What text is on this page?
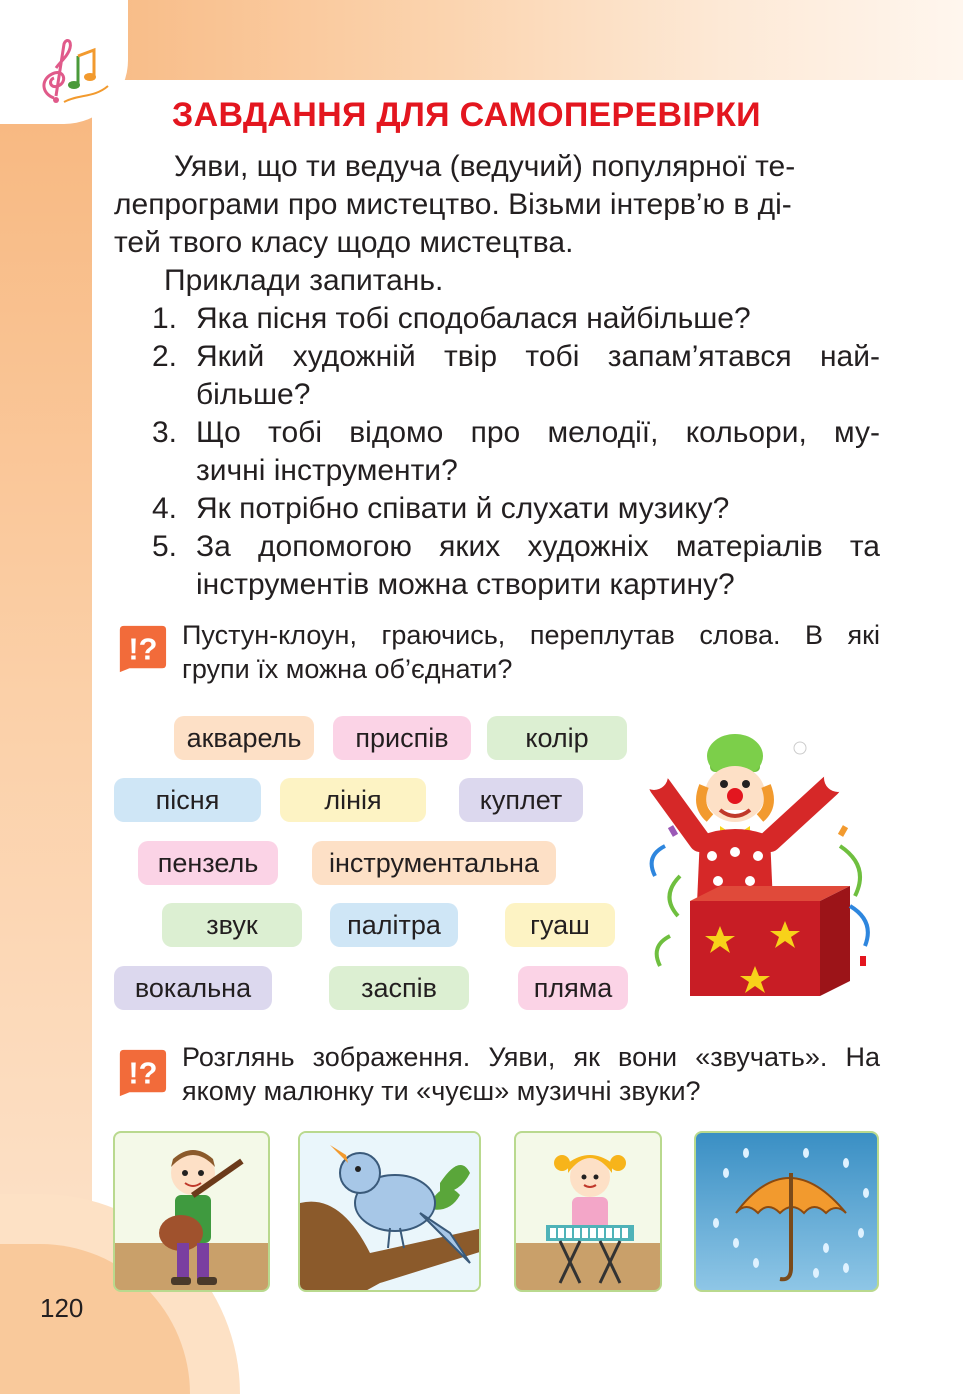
120
ЗАВДАННЯ ДЛЯ САМОПЕРЕВІРКИ
Уяви, що ти ведуча (ведучий) популярної те-
лепрограми про мистецтво. Візьми інтерв’ю в ді-
тей твого класу щодо мистецтва.
Приклади запитань.
1. Яка пісня тобі сподобалася найбільше?
2. Який художній твір тобі запам’ятався най-
більше?
3. Що тобі відомо про мелодії, кольори, му-
зичні інструменти?
4. Як потрібно співати й слухати музику?
5. За допомогою яких художніх матеріалів та
інструментів можна створити картину?
!? Пустун-клоун, граючись, переплутав слова. В які
групи їх можна об’єднати?
акварель	приспів	колір
пісня	лінія	куплет
пензель	інструментальна
звук	палітра	гуаш
вокальна	заспів	пляма
!? Розглянь зображення. Уяви, як вони «звучать». На
якому малюнку ти «чуєш» музичні звуки?
